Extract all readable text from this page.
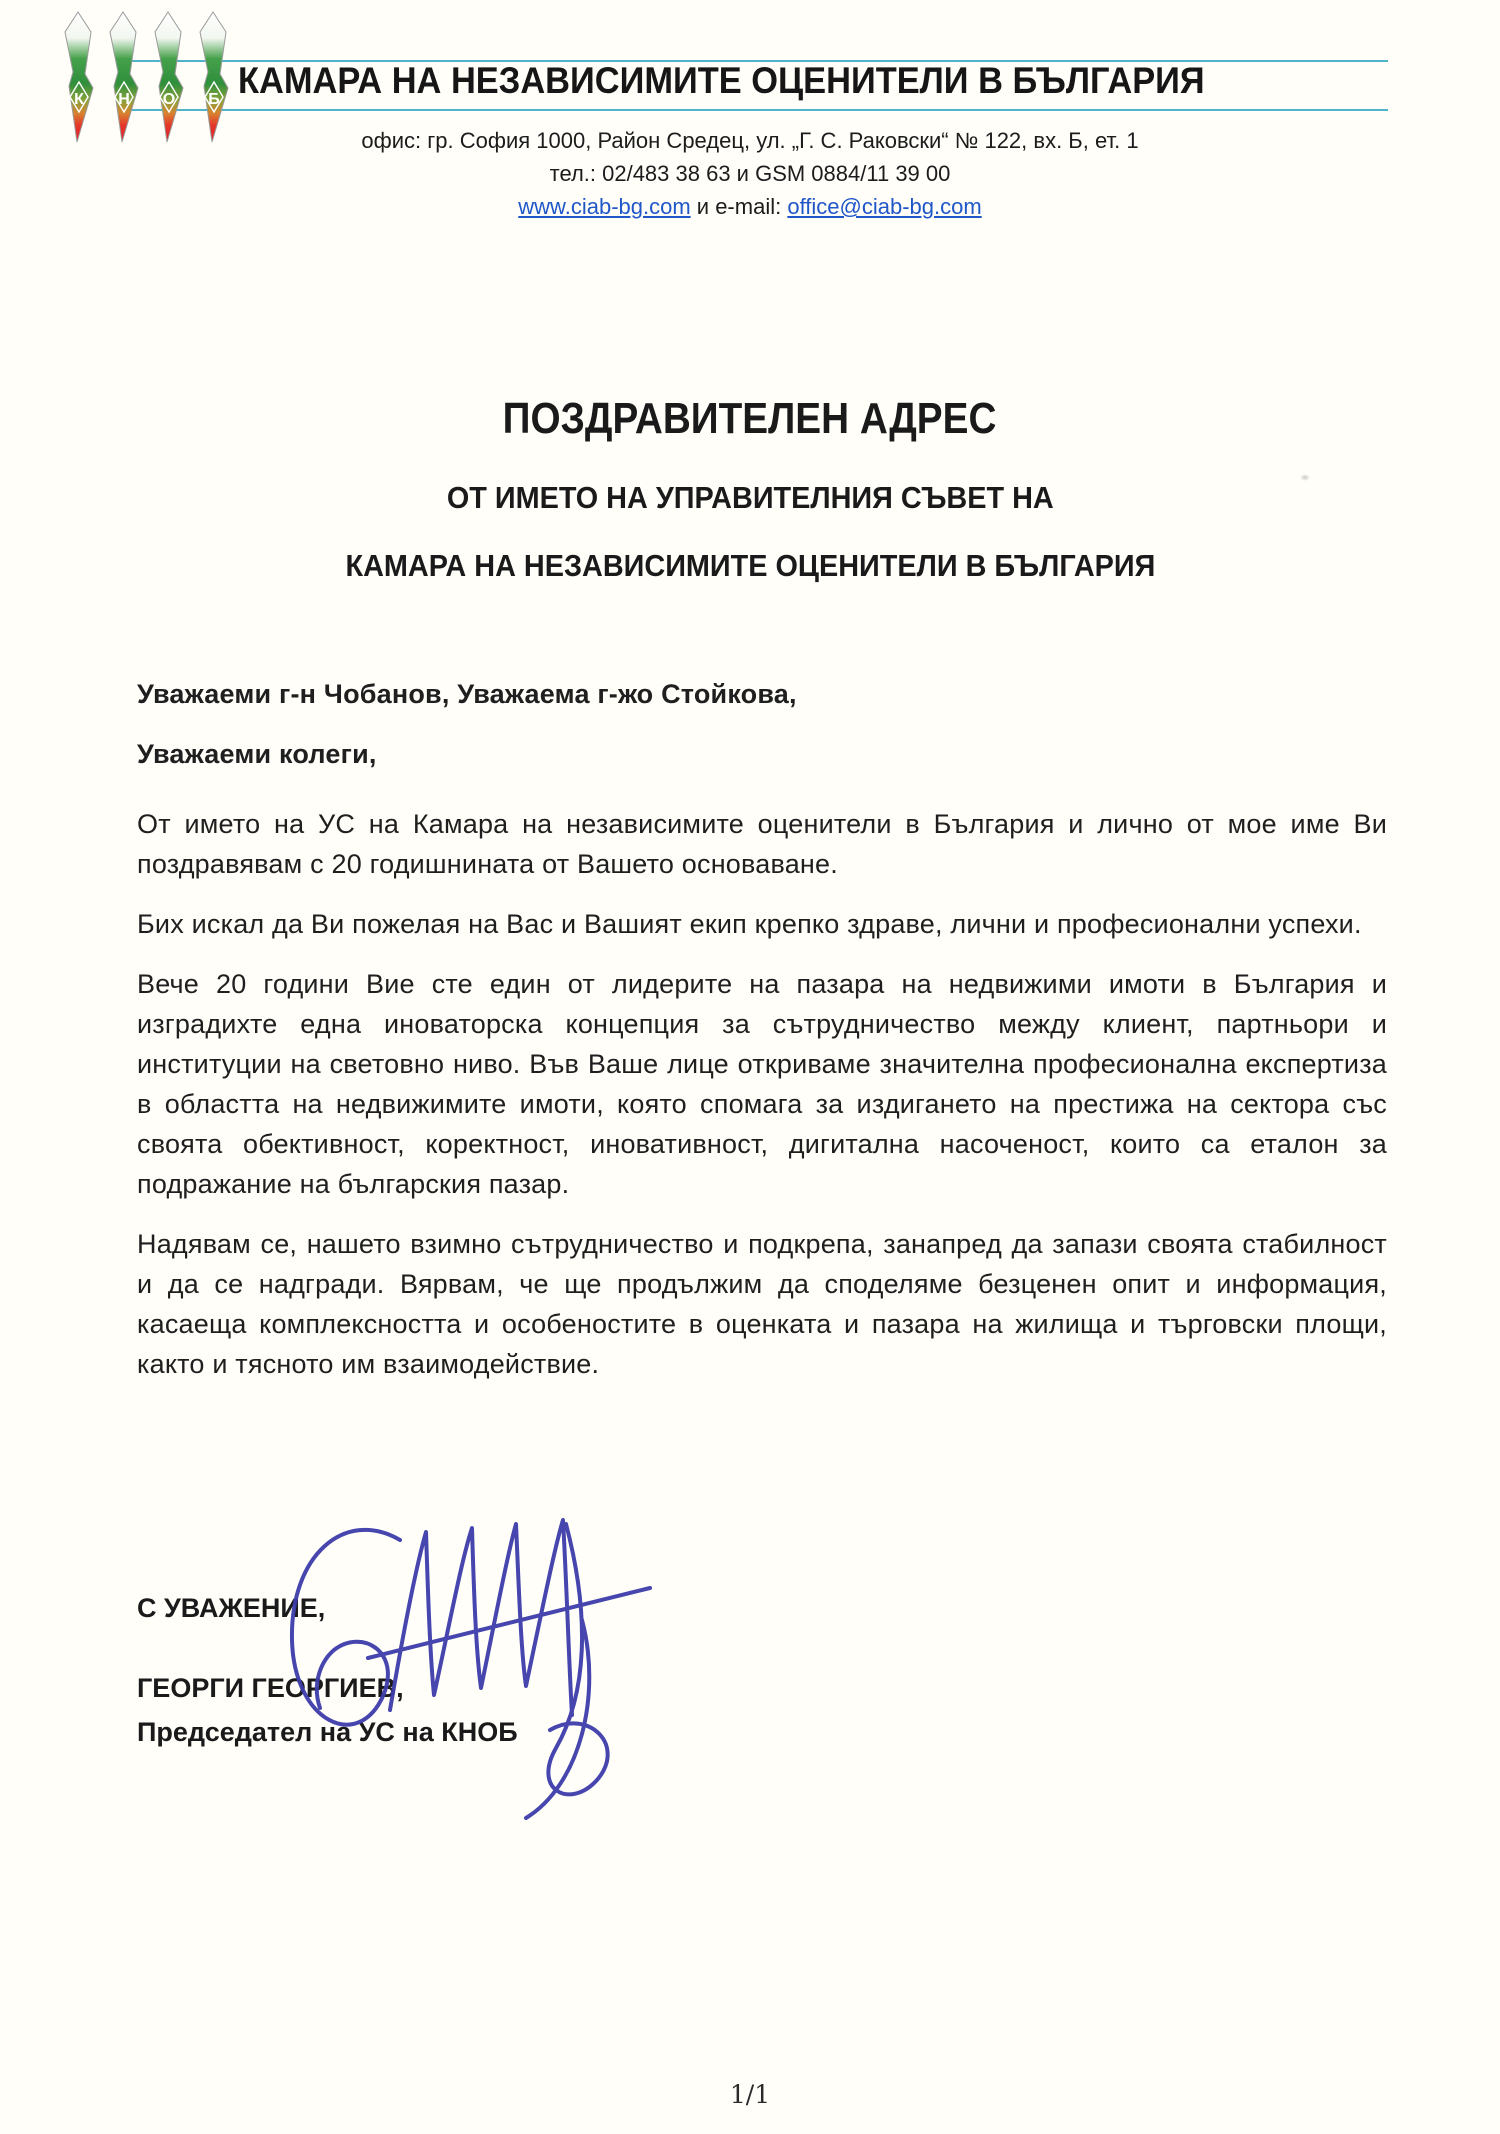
К Н О Б КАМАРА НА НЕЗАВИСИМИТЕ ОЦЕНИТЕЛИ В БЪЛГАРИЯ
офис: гр. София 1000, Район Средец, ул. „Г. С. Раковски“ № 122, вх. Б, ет. 1
тел.: 02/483 38 63 и GSM 0884/11 39 00
www.ciab-bg.com и e-mail: office@ciab-bg.com
ПОЗДРАВИТЕЛЕН АДРЕС
ОТ ИМЕТО НА УПРАВИТЕЛНИЯ СЪВЕТ НА
КАМАРА НА НЕЗАВИСИМИТЕ ОЦЕНИТЕЛИ В БЪЛГАРИЯ
Уважаеми г-н Чобанов, Уважаема г-жо Стойкова,
Уважаеми колеги,

От името на УС на Камара на независимите оценители в България и лично от мое име Ви поздравявам с 20 годишнината от Вашето основаване.

Бих искал да Ви пожелая на Вас и Вашият екип крепко здраве, лични и професионални успехи.

Вече 20 години Вие сте един от лидерите на пазара на недвижими имоти в България и изградихте една иноваторска концепция за сътрудничество между клиент, партньори и институции на световно ниво. Във Ваше лице откриваме значителна професионална експертиза в областта на недвижимите имоти, която спомага за издигането на престижа на сектора със своята обективност, коректност, иновативност, дигитална насоченост, които са еталон за подражание на българския пазар.

Надявам се, нашето взимно сътрудничество и подкрепа, занапред да запази своята стабилност и да се надгради. Вярвам, че ще продължим да споделяме безценен опит и информация, касаеща комплексността и особеностите в оценката и пазара на жилища и търговски площи, както и тясното им взаимодействие.

С УВАЖЕНИЕ,
ГЕОРГИ ГЕОРГИЕВ,
Председател на УС на КНОБ
1/1
